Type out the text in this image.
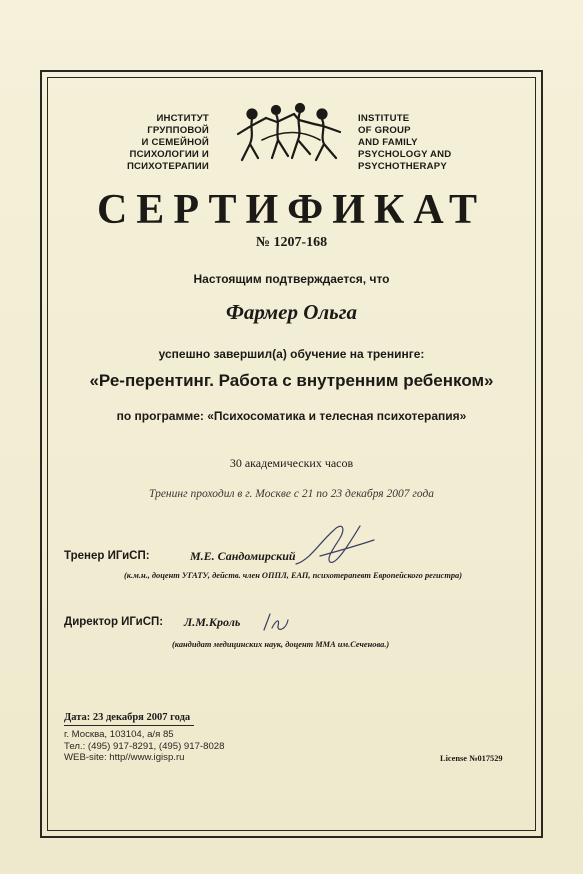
ИНСТИТУТ
ГРУППОВОЙ
И СЕМЕЙНОЙ
ПСИХОЛОГИИ И
ПСИХОТЕРАПИИ
INSTITUTE
OF GROUP
AND FAMILY
PSYCHOLOGY AND
PSYCHOTHERAPY
СЕРТИФИКАТ
№ 1207-168
Настоящим подтверждается, что
Фармер Ольга
успешно завершил(а) обучение на тренинге:
«Ре-перентинг. Работа с внутренним ребенком»
по программе: «Психосоматика и телесная психотерапия»
30 академических часов
Тренинг проходил в г. Москве с 21 по 23 декабря 2007 года
Тренер ИГиСП:	М.Е. Сандомирский
(к.м.н., доцент УГАТУ, действ. член ОППЛ, ЕАП, психотерапевт Европейского регистра)
Директор ИГиСП: Л.М.Кроль
(кандидат медицинских наук, доцент ММА им.Сеченова.)
Дата: 23 декабря 2007 года
г. Москва, 103104, а/я 85
Тел.: (495) 917-8291, (495) 917-8028
WEB-site: http//www.igisp.ru	License №017529
